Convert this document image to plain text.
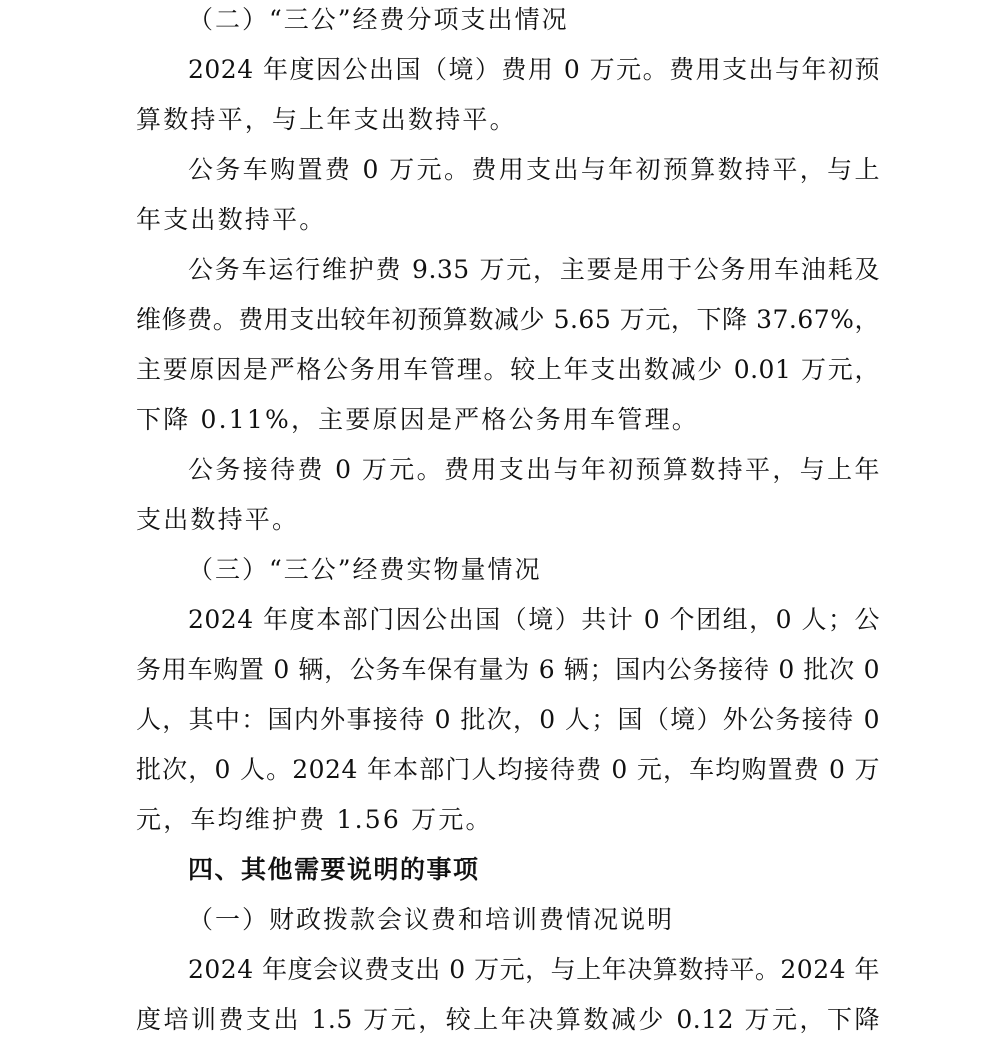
（二）“三公”经费分项支出情况
2024 年度因公出国（境）费用 0 万元。费用支出与年初预
算数持平，与上年支出数持平。
公务车购置费 0 万元。费用支出与年初预算数持平，与上
年支出数持平。
公务车运行维护费 9.35 万元，主要是用于公务用车油耗及
维修费。费用支出较年初预算数减少 5.65 万元，下降 37.67%，
主要原因是严格公务用车管理。较上年支出数减少 0.01 万元，
下降 0.11%，主要原因是严格公务用车管理。
公务接待费 0 万元。费用支出与年初预算数持平，与上年
支出数持平。
（三）“三公”经费实物量情况
2024 年度本部门因公出国（境）共计 0 个团组，0 人；公
务用车购置 0 辆，公务车保有量为 6 辆；国内公务接待 0 批次 0
人，其中：国内外事接待 0 批次，0 人；国（境）外公务接待 0
批次，0 人。2024 年本部门人均接待费 0 元，车均购置费 0 万
元，车均维护费 1.56 万元。
四、其他需要说明的事项
（一）财政拨款会议费和培训费情况说明
2024 年度会议费支出 0 万元，与上年决算数持平。2024 年
度培训费支出 1.5 万元，较上年决算数减少 0.12 万元，下降
